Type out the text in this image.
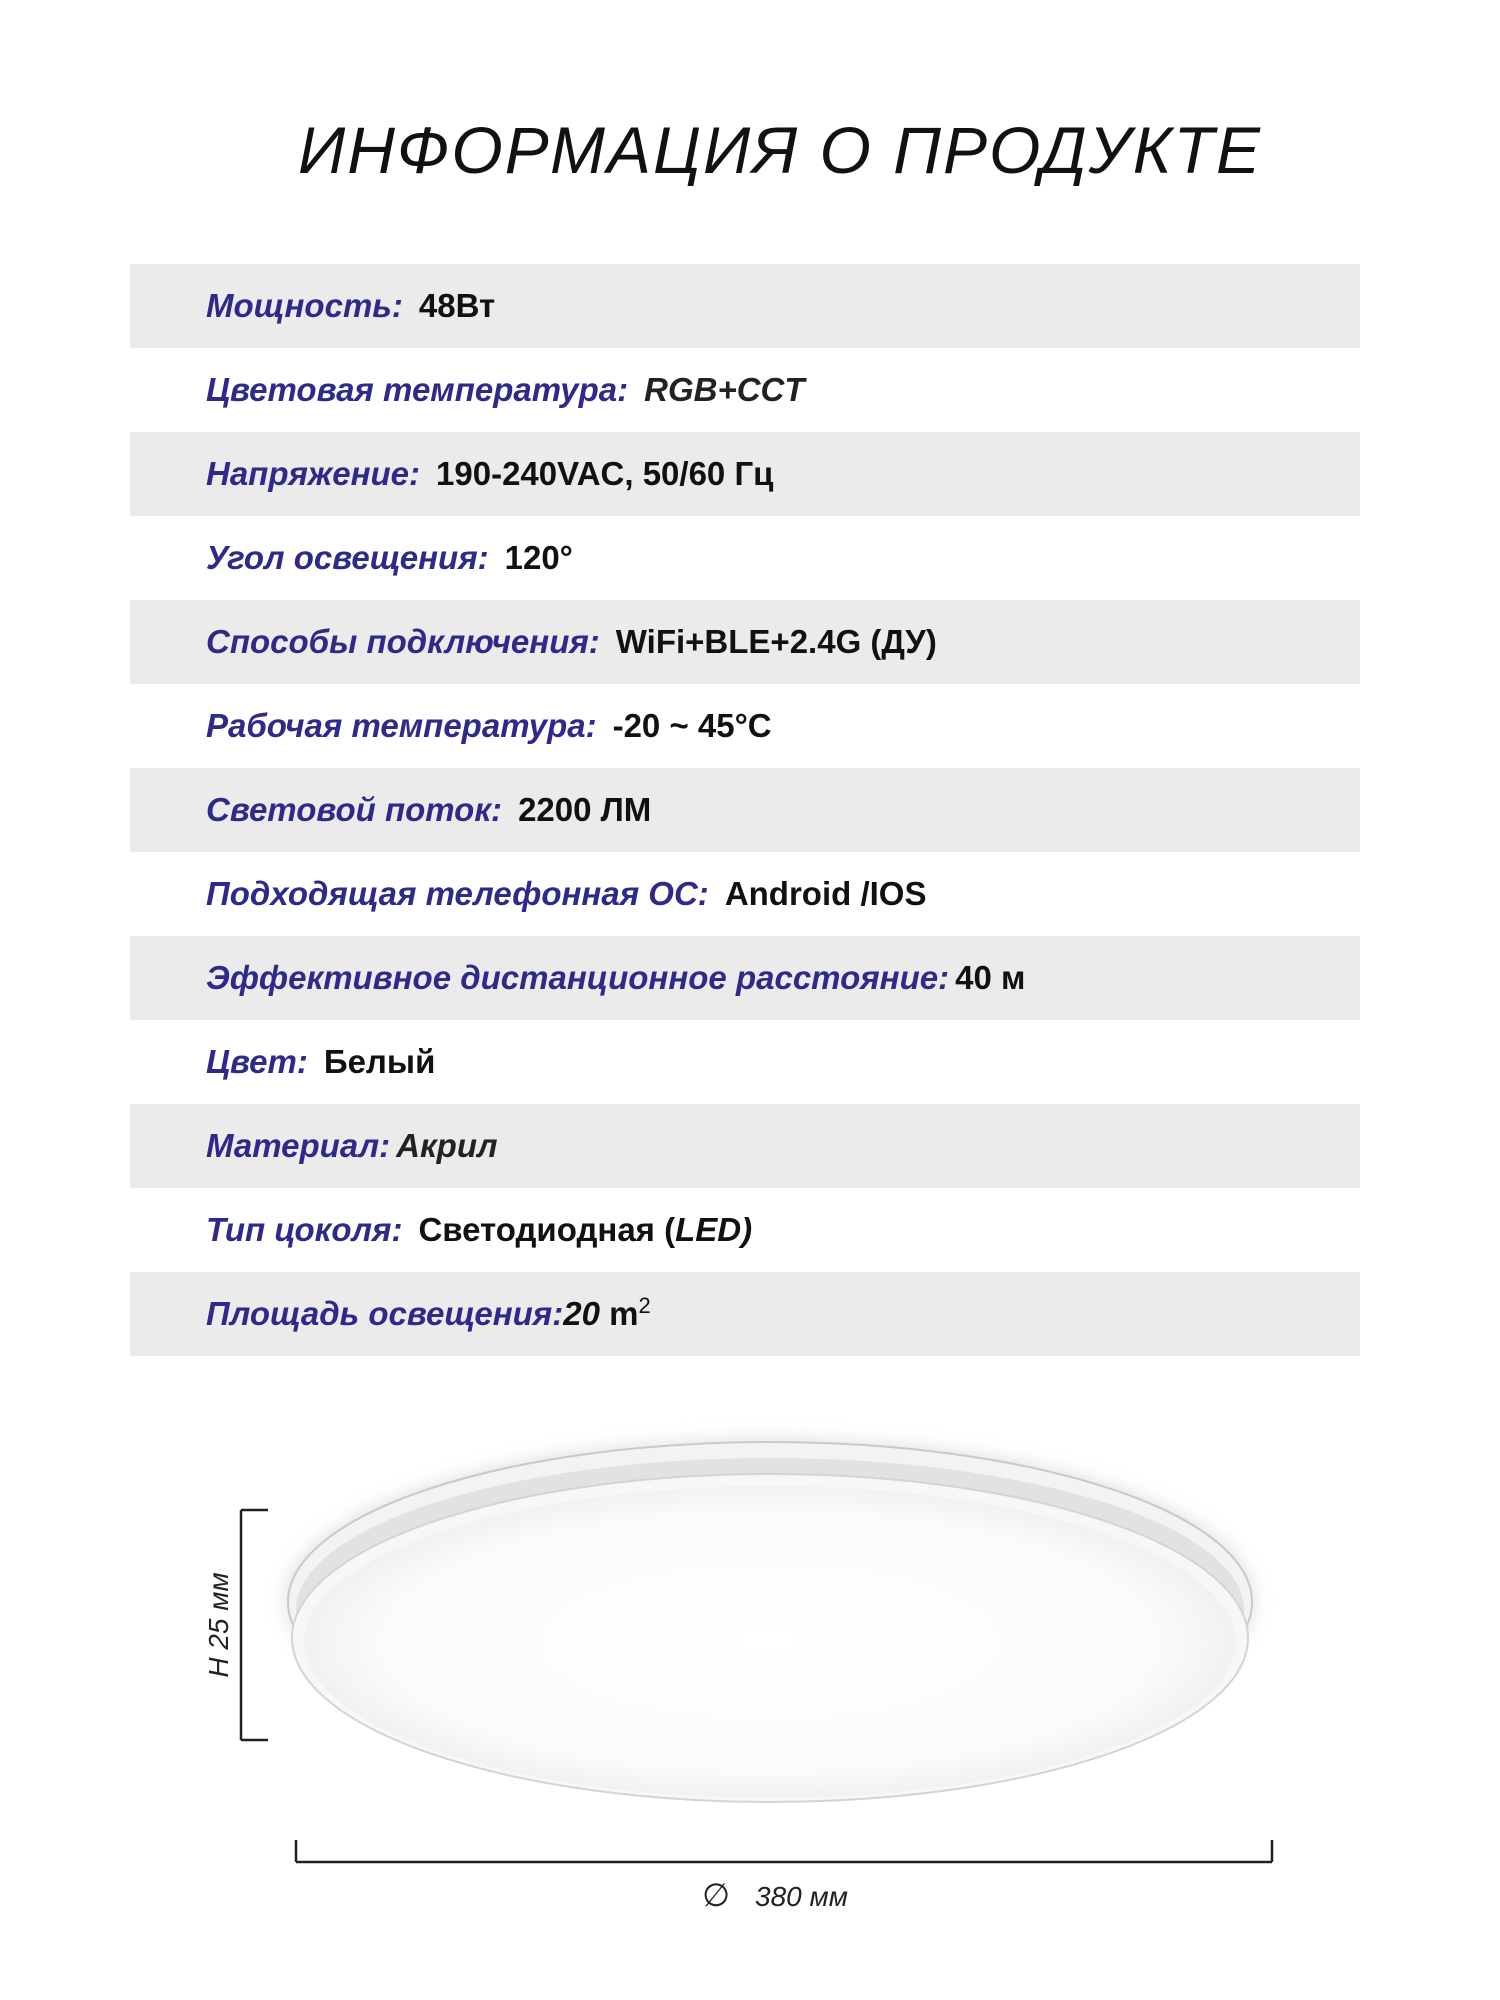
ИНФОРМАЦИЯ О ПРОДУКТЕ
Мощность: 48Вт
Цветовая температура: RGB+CCT
Напряжение: 190-240VAC, 50/60 Гц
Угол освещения: 120°
Способы подключения: WiFi+BLE+2.4G (ДУ)
Рабочая температура: -20 ~ 45°C
Световой поток: 2200 ЛМ
Подходящая телефонная ОС: Android /IOS
Эффективное дистанционное расстояние: 40 м
Цвет: Белый
Материал: Акрил
Тип цоколя: Светодиодная (LED)
Площадь освещения: 20 $m^2$
H 25 мм
∅ 380 мм
